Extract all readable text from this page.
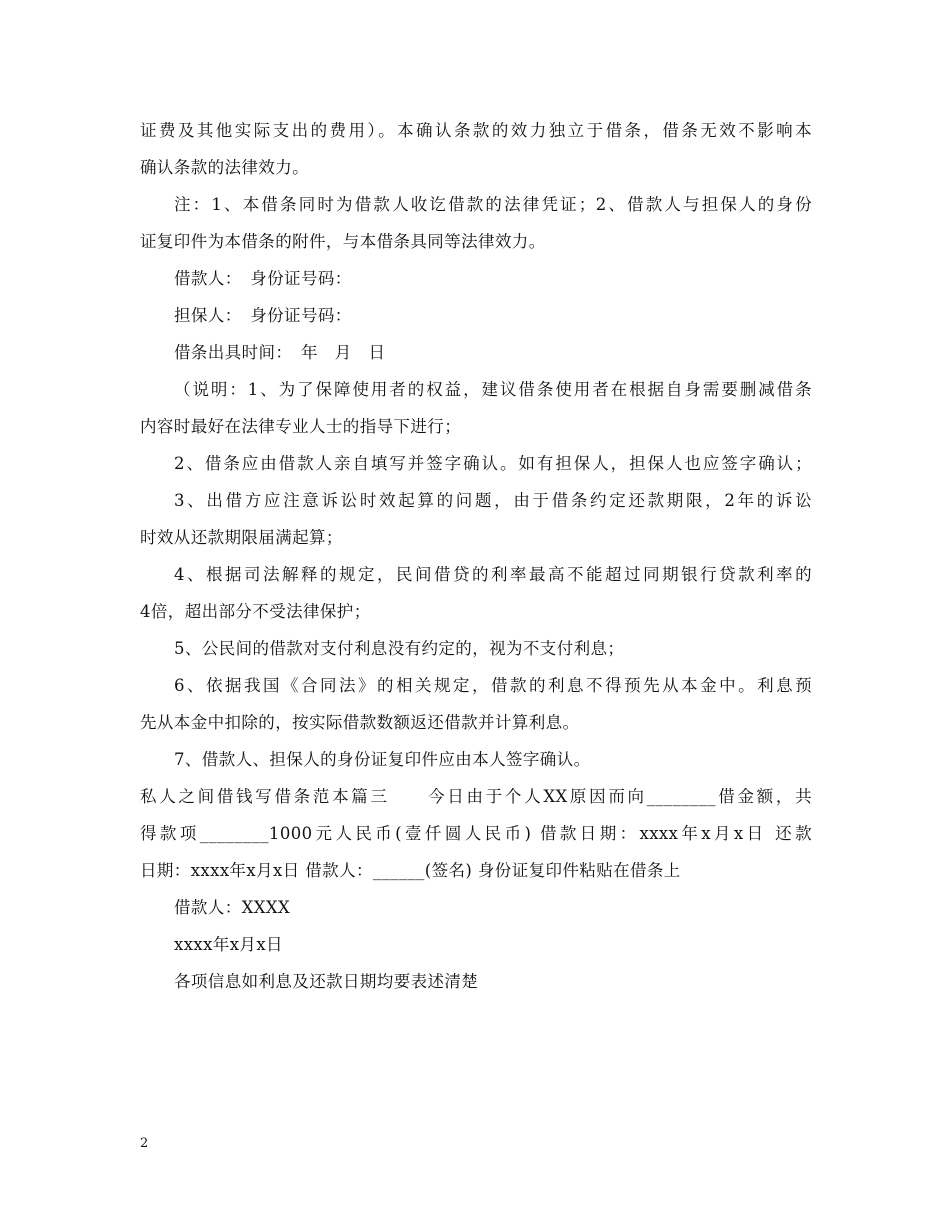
证费及其他实际支出的费用）。本确认条款的效力独立于借条，借条无效不影响本
确认条款的法律效力。
注：1、本借条同时为借款人收讫借款的法律凭证；2、借款人与担保人的身份
证复印件为本借条的附件，与本借条具同等法律效力。
借款人：　身份证号码：
担保人：　身份证号码：
借条出具时间：　年　月　日
（说明：1、为了保障使用者的权益，建议借条使用者在根据自身需要删减借条
内容时最好在法律专业人士的指导下进行；
2、借条应由借款人亲自填写并签字确认。如有担保人，担保人也应签字确认；
3、出借方应注意诉讼时效起算的问题，由于借条约定还款期限，2年的诉讼
时效从还款期限届满起算；
4、根据司法解释的规定，民间借贷的利率最高不能超过同期银行贷款利率的
4倍，超出部分不受法律保护；
5、公民间的借款对支付利息没有约定的，视为不支付利息；
6、依据我国《合同法》的相关规定，借款的利息不得预先从本金中。利息预
先从本金中扣除的，按实际借款数额返还借款并计算利息。
7、借款人、担保人的身份证复印件应由本人签字确认。
私人之间借钱写借条范本篇三　　今日由于个人XX原因而向________借金额，共
得款项________1000元人民币(壹仟圆人民币) 借款日期：xxxx年x月x日 还款
日期：xxxx年x月x日 借款人：______(签名) 身份证复印件粘贴在借条上
借款人：XXXX
xxxx年x月x日
各项信息如利息及还款日期均要表述清楚
2
